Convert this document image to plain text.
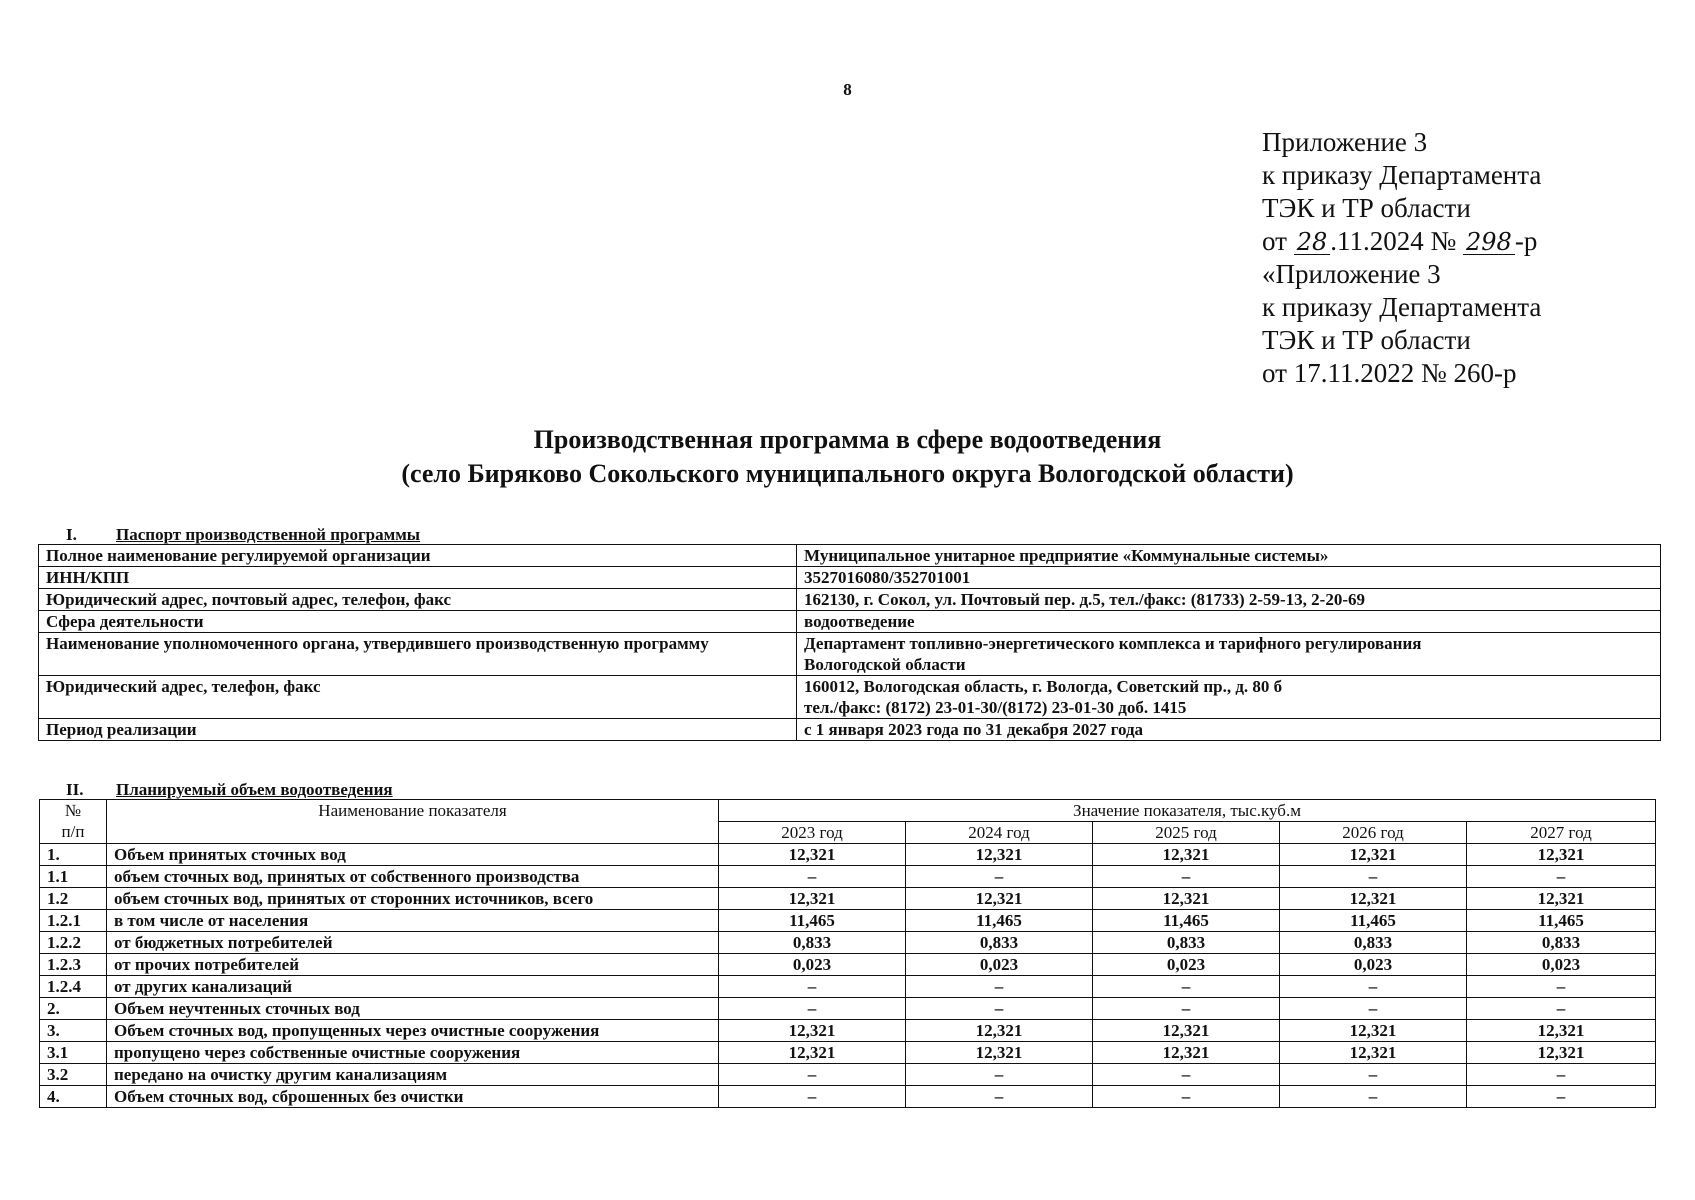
8
Приложение 3
к приказу Департамента
ТЭК и ТР области
от 28 .11.2024 № 298 -р
«Приложение 3
к приказу Департамента
ТЭК и ТР области
от 17.11.2022 № 260-р
Производственная программа в сфере водоотведения
(село Биряково Сокольского муниципального округа Вологодской области)
I. Паспорт производственной программы
Полное наименование регулируемой организации	Муниципальное унитарное предприятие «Коммунальные системы»

ИНН/КПП	3527016080/352701001

Юридический адрес, почтовый адрес, телефон, факс	162130, г. Сокол, ул. Почтовый пер. д.5, тел./факс: (81733) 2-59-13, 2-20-69

Сфера деятельности	водоотведение

Наименование уполномоченного органа, утвердившего производственную программу	Департамент топливно-энергетического комплекса и тарифного регулирования
Вологодской области

Юридический адрес, телефон, факс	160012, Вологодская область, г. Вологда, Советский пр., д. 80 б
тел./факс: (8172) 23-01-30/(8172) 23-01-30 доб. 1415

Период реализации	с 1 января 2023 года по 31 декабря 2027 года
II. Планируемый объем водоотведения
№
п/п	Наименование показателя	Значение показателя, тыс.куб.м				
		2023 год	2024 год	2025 год	2026 год	2027 год
1.	Объем принятых сточных вод	12,321	12,321	12,321	12,321	12,321
1.1	объем сточных вод, принятых от собственного производства	–	–	–	–	–
1.2	объем сточных вод, принятых от сторонних источников, всего	12,321	12,321	12,321	12,321	12,321
1.2.1	в том числе от населения	11,465	11,465	11,465	11,465	11,465
1.2.2	от бюджетных потребителей	0,833	0,833	0,833	0,833	0,833
1.2.3	от прочих потребителей	0,023	0,023	0,023	0,023	0,023
1.2.4	от других канализаций	–	–	–	–	–
2.	Объем неучтенных сточных вод	–	–	–	–	–
3.	Объем сточных вод, пропущенных через очистные сооружения	12,321	12,321	12,321	12,321	12,321
3.1	пропущено через собственные очистные сооружения	12,321	12,321	12,321	12,321	12,321
3.2	передано на очистку другим канализациям	–	–	–	–	–
4.	Объем сточных вод, сброшенных без очистки	–	–	–	–	–
